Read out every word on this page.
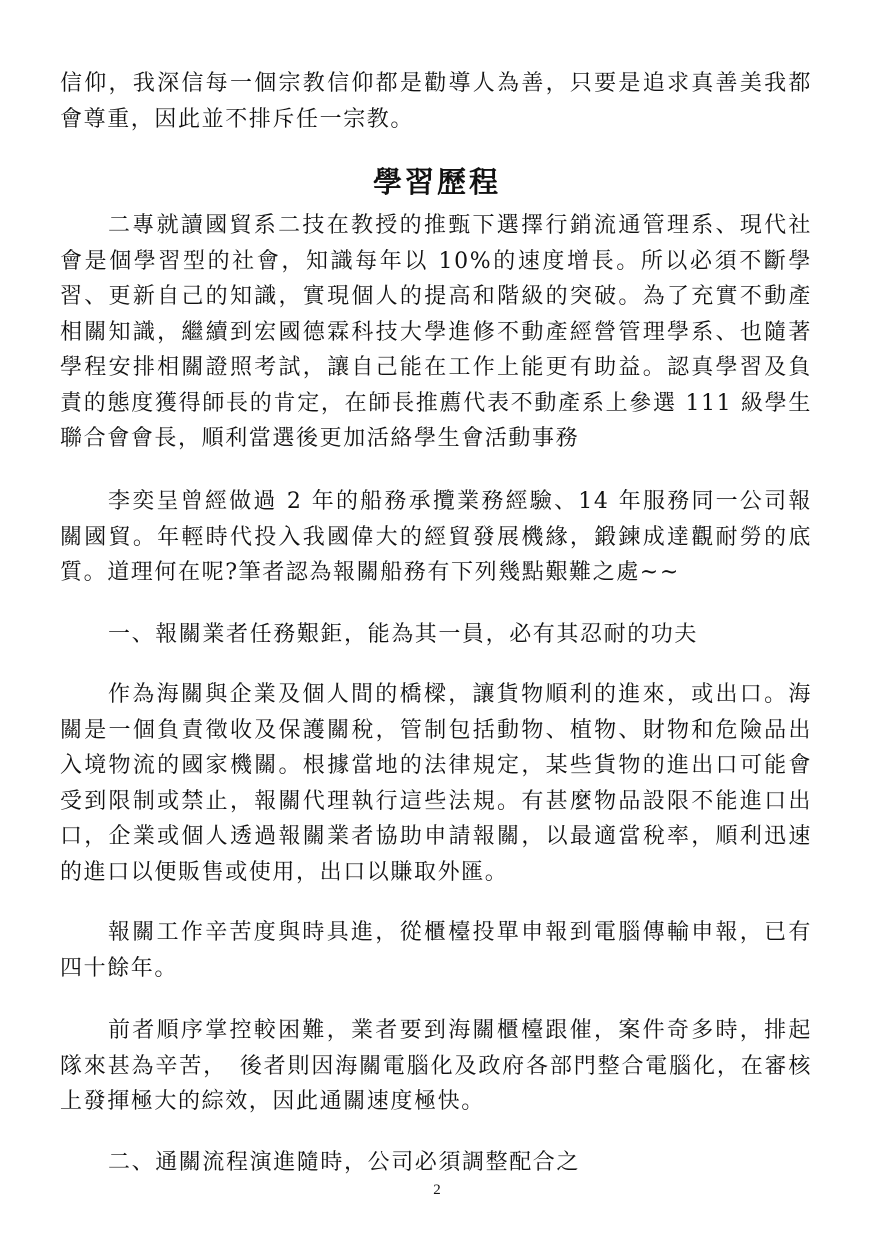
信仰，我深信每一個宗教信仰都是勸導人為善，只要是追求真善美我都會尊重，因此並不排斥任一宗教。

學習歷程

二專就讀國貿系二技在教授的推甄下選擇行銷流通管理系、現代社會是個學習型的社會，知識每年以 10%的速度增長。所以必須不斷學習、更新自己的知識，實現個人的提高和階級的突破。為了充實不動產相關知識，繼續到宏國德霖科技大學進修不動產經營管理學系、也隨著學程安排相關證照考試，讓自己能在工作上能更有助益。認真學習及負責的態度獲得師長的肯定，在師長推薦代表不動產系上參選 111 級學生聯合會會長，順利當選後更加活絡學生會活動事務

李奕呈曾經做過 2 年的船務承攬業務經驗、14 年服務同一公司報關國貿。年輕時代投入我國偉大的經貿發展機緣，鍛鍊成達觀耐勞的底質。道理何在呢?筆者認為報關船務有下列幾點艱難之處~~

一、報關業者任務艱鉅，能為其一員，必有其忍耐的功夫

作為海關與企業及個人間的橋樑，讓貨物順利的進來，或出口。海關是一個負責徵收及保護關稅，管制包括動物、植物、財物和危險品出入境物流的國家機關。根據當地的法律規定，某些貨物的進出口可能會受到限制或禁止，報關代理執行這些法規。有甚麼物品設限不能進口出口，企業或個人透過報關業者協助申請報關，以最適當稅率，順利迅速的進口以便販售或使用，出口以賺取外匯。

報關工作辛苦度與時具進，從櫃檯投單申報到電腦傳輸申報，已有四十餘年。

前者順序掌控較困難，業者要到海關櫃檯跟催，案件奇多時，排起隊來甚為辛苦，　後者則因海關電腦化及政府各部門整合電腦化，在審核上發揮極大的綜效，因此通關速度極快。

二、通關流程演進隨時，公司必須調整配合之

2
